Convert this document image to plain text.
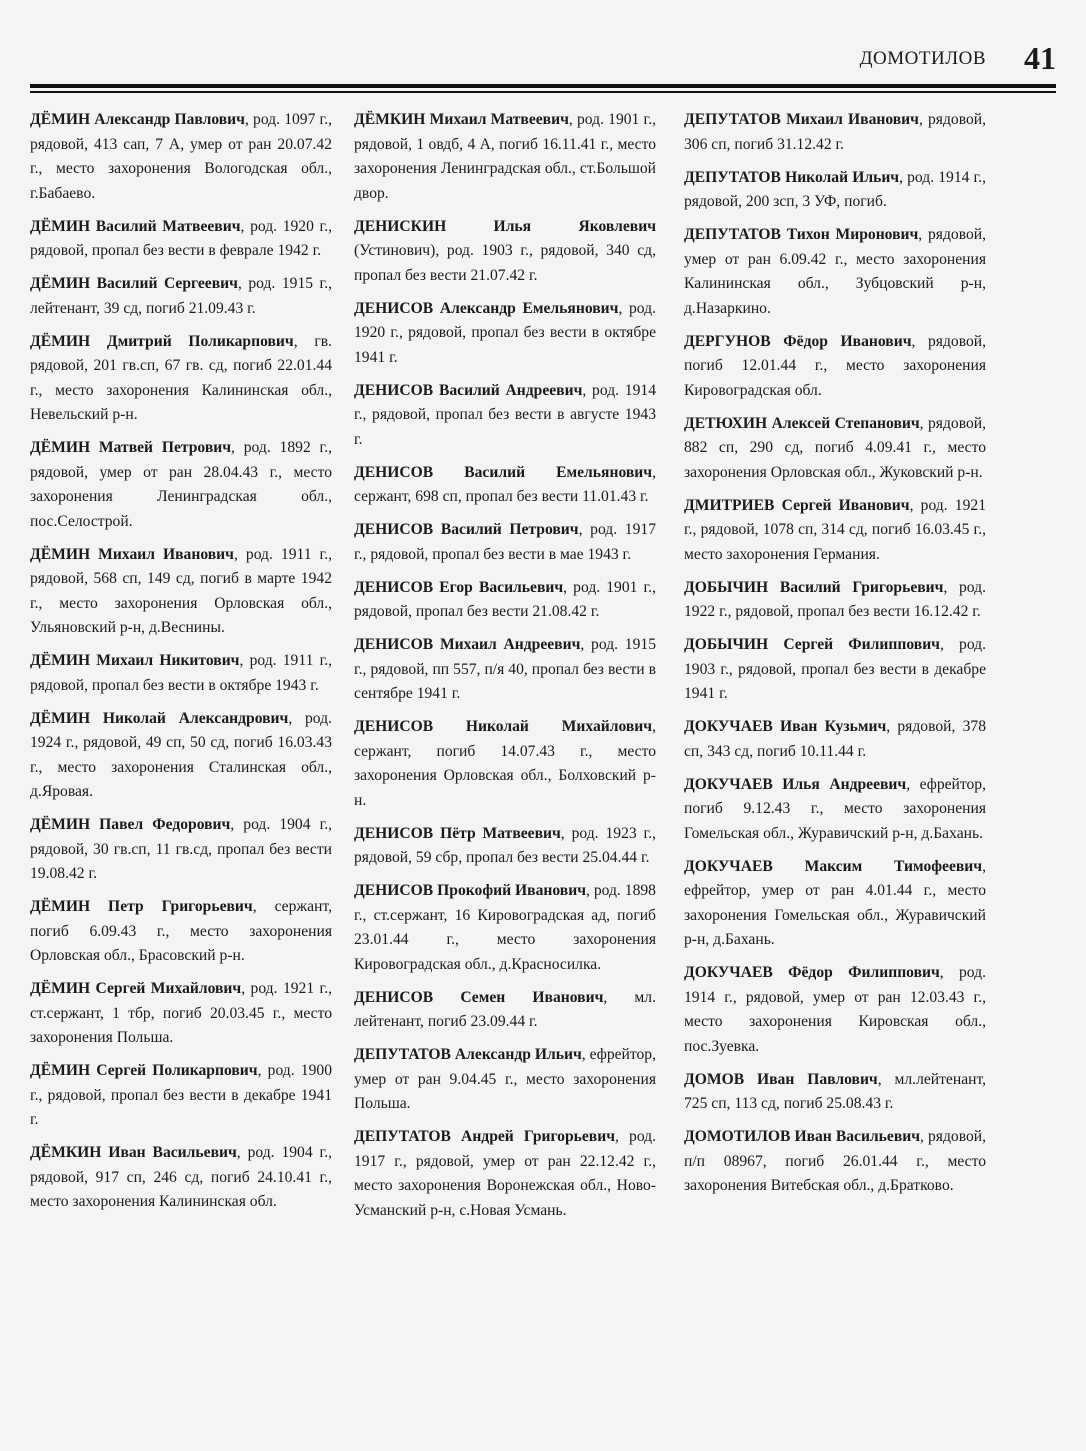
ДОМОТИЛОВ 41

ДЁМИН Александр Павлович, род. 1097 г., рядовой, 413 сап, 7 А, умер от ран 20.07.42 г., место захоронения Вологодская обл., г.Бабаево.

ДЁМИН Василий Матвеевич, род. 1920 г., рядовой, пропал без вести в феврале 1942 г.

ДЁМИН Василий Сергеевич, род. 1915 г., лейтенант, 39 сд, погиб 21.09.43 г.

ДЁМИН Дмитрий Поликарпович, гв. рядовой, 201 гв.сп, 67 гв. сд, погиб 22.01.44 г., место захоронения Калининская обл., Невельский р-н.

ДЁМИН Матвей Петрович, род. 1892 г., рядовой, умер от ран 28.04.43 г., место захоронения Ленинградская обл., пос.Селострой.

ДЁМИН Михаил Иванович, род. 1911 г., рядовой, 568 сп, 149 сд, погиб в марте 1942 г., место захоронения Орловская обл., Ульяновский р-н, д.Веснины.

ДЁМИН Михаил Никитович, род. 1911 г., рядовой, пропал без вести в октябре 1943 г.

ДЁМИН Николай Александрович, род. 1924 г., рядовой, 49 сп, 50 сд, погиб 16.03.43 г., место захоронения Сталинская обл., д.Яровая.

ДЁМИН Павел Федорович, род. 1904 г., рядовой, 30 гв.сп, 11 гв.сд, пропал без вести 19.08.42 г.

ДЁМИН Петр Григорьевич, сержант, погиб 6.09.43 г., место захоронения Орловская обл., Брасовский р-н.

ДЁМИН Сергей Михайлович, род. 1921 г., ст.сержант, 1 тбр, погиб 20.03.45 г., место захоронения Польша.

ДЁМИН Сергей Поликарпович, род. 1900 г., рядовой, пропал без вести в декабре 1941 г.

ДЁМКИН Иван Васильевич, род. 1904 г., рядовой, 917 сп, 246 сд, погиб 24.10.41 г., место захоронения Калининская обл.

ДЁМКИН Михаил Матвеевич, род. 1901 г., рядовой, 1 овдб, 4 А, погиб 16.11.41 г., место захоронения Ленинградская обл., ст.Большой двор.

ДЕНИСКИН Илья Яковлевич (Устинович), род. 1903 г., рядовой, 340 сд, пропал без вести 21.07.42 г.

ДЕНИСОВ Александр Емельянович, род. 1920 г., рядовой, пропал без вести в октябре 1941 г.

ДЕНИСОВ Василий Андреевич, род. 1914 г., рядовой, пропал без вести в августе 1943 г.

ДЕНИСОВ Василий Емельянович, сержант, 698 сп, пропал без вести 11.01.43 г.

ДЕНИСОВ Василий Петрович, род. 1917 г., рядовой, пропал без вести в мае 1943 г.

ДЕНИСОВ Егор Васильевич, род. 1901 г., рядовой, пропал без вести 21.08.42 г.

ДЕНИСОВ Михаил Андреевич, род. 1915 г., рядовой, пп 557, п/я 40, пропал без вести в сентябре 1941 г.

ДЕНИСОВ Николай Михайлович, сержант, погиб 14.07.43 г., место захоронения Орловская обл., Болховский р-н.

ДЕНИСОВ Пётр Матвеевич, род. 1923 г., рядовой, 59 сбр, пропал без вести 25.04.44 г.

ДЕНИСОВ Прокофий Иванович, род. 1898 г., ст.сержант, 16 Кировоградская ад, погиб 23.01.44 г., место захоронения Кировоградская обл., д.Красносилка.

ДЕНИСОВ Семен Иванович, мл. лейтенант, погиб 23.09.44 г.

ДЕПУТАТОВ Александр Ильич, ефрейтор, умер от ран 9.04.45 г., место захоронения Польша.

ДЕПУТАТОВ Андрей Григорьевич, род. 1917 г., рядовой, умер от ран 22.12.42 г., место захоронения Воронежская обл., Ново-Усманский р-н, с.Новая Усмань.

ДЕПУТАТОВ Михаил Иванович, рядовой, 306 сп, погиб 31.12.42 г.

ДЕПУТАТОВ Николай Ильич, род. 1914 г., рядовой, 200 зсп, 3 УФ, погиб.

ДЕПУТАТОВ Тихон Миронович, рядовой, умер от ран 6.09.42 г., место захоронения Калининская обл., Зубцовский р-н, д.Назаркино.

ДЕРГУНОВ Фёдор Иванович, рядовой, погиб 12.01.44 г., место захоронения Кировоградская обл.

ДЕТЮХИН Алексей Степанович, рядовой, 882 сп, 290 сд, погиб 4.09.41 г., место захоронения Орловская обл., Жуковский р-н.

ДМИТРИЕВ Сергей Иванович, род. 1921 г., рядовой, 1078 сп, 314 сд, погиб 16.03.45 г., место захоронения Германия.

ДОБЫЧИН Василий Григорьевич, род. 1922 г., рядовой, пропал без вести 16.12.42 г.

ДОБЫЧИН Сергей Филиппович, род. 1903 г., рядовой, пропал без вести в декабре 1941 г.

ДОКУЧАЕВ Иван Кузьмич, рядовой, 378 сп, 343 сд, погиб 10.11.44 г.

ДОКУЧАЕВ Илья Андреевич, ефрейтор, погиб 9.12.43 г., место захоронения Гомельская обл., Журавичский р-н, д.Бахань.

ДОКУЧАЕВ Максим Тимофеевич, ефрейтор, умер от ран 4.01.44 г., место захоронения Гомельская обл., Журавичский р-н, д.Бахань.

ДОКУЧАЕВ Фёдор Филиппович, род. 1914 г., рядовой, умер от ран 12.03.43 г., место захоронения Кировская обл., пос.Зуевка.

ДОМОВ Иван Павлович, мл.лейтенант, 725 сп, 113 сд, погиб 25.08.43 г.

ДОМОТИЛОВ Иван Васильевич, рядовой, п/п 08967, погиб 26.01.44 г., место захоронения Витебская обл., д.Братково.
